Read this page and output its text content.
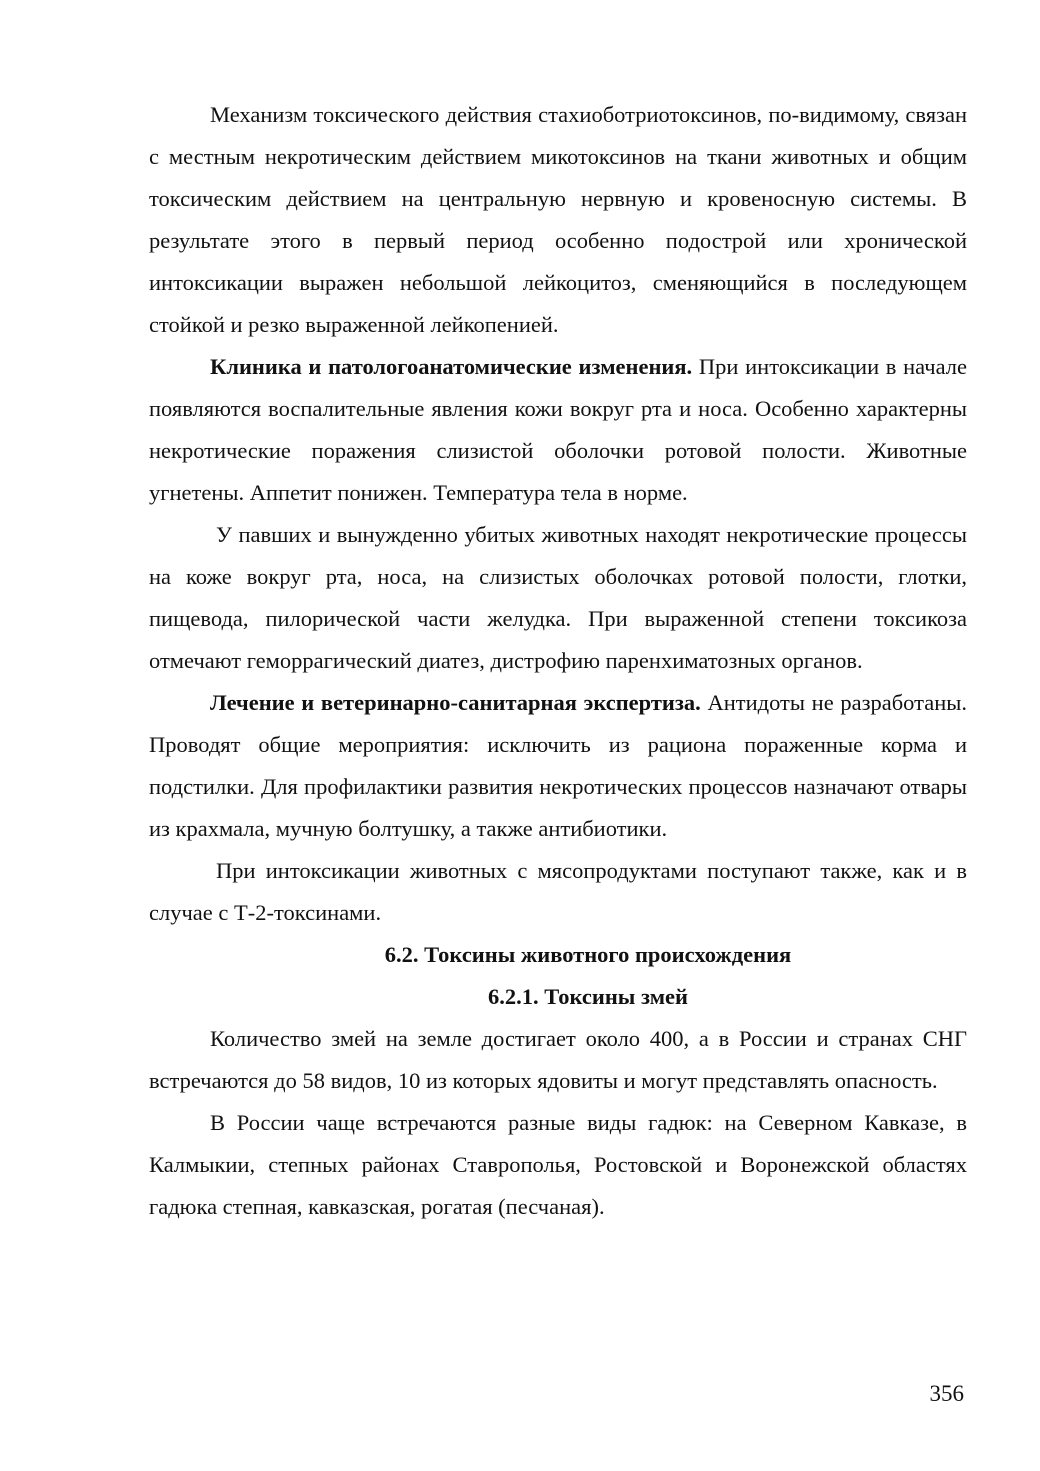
Механизм токсического действия стахиоботриотоксинов, по-видимому, связан с местным некротическим действием микотоксинов на ткани животных и общим токсическим действием на центральную нервную и кровеносную системы. В результате этого в первый период особенно подострой или хронической интоксикации выражен небольшой лейкоцитоз, сменяющийся в последующем стойкой и резко выраженной лейкопенией.

Клиника и патологоанатомические изменения. При интоксикации в начале появляются воспалительные явления кожи вокруг рта и носа. Особенно характерны некротические поражения слизистой оболочки ротовой полости. Животные угнетены. Аппетит понижен. Температура тела в норме.

У павших и вынужденно убитых животных находят некротические процессы на коже вокруг рта, носа, на слизистых оболочках ротовой полости, глотки, пищевода, пилорической части желудка. При выраженной степени токсикоза отмечают геморрагический диатез, дистрофию паренхиматозных органов.

Лечение и ветеринарно-санитарная экспертиза. Антидоты не разработаны. Проводят общие мероприятия: исключить из рациона пораженные корма и подстилки. Для профилактики развития некротических процессов назначают отвары из крахмала, мучную болтушку, а также антибиотики.

При интоксикации животных с мясопродуктами поступают также, как и в случае с Т-2-токсинами.

6.2. Токсины животного происхождения
6.2.1. Токсины змей

Количество змей на земле достигает около 400, а в России и странах СНГ встречаются до 58 видов, 10 из которых ядовиты и могут представлять опасность.

В России чаще встречаются разные виды гадюк: на Северном Кавказе, в Калмыкии, степных районах Ставрополья, Ростовской и Воронежской областях гадюка степная, кавказская, рогатая (песчаная).

356
